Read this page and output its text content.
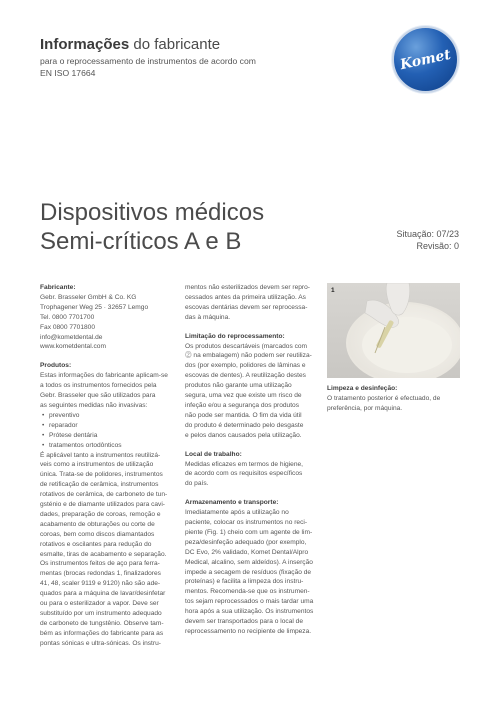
Informações do fabricante
para o reprocessamento de instrumentos de acordo com
EN ISO 17664	Komet
Dispositivos médicos
Semi-críticos A e B	Situação: 07/23
Revisão: 0

Fabricante:

Gebr. Brasseler GmbH & Co. KG

Trophagener Weg 25 · 32657 Lemgo

Tel. 0800 7701700

Fax 0800 7701800

info@kometdental.de

www.kometdental.com

Produtos:

Estas informações do fabricante aplicam-se

a todos os instrumentos fornecidos pela

Gebr. Brasseler que são utilizados para

as seguintes medidas não invasivas:

• preventivo
• reparador
• Prótese dentária
• tratamentos ortodônticos

É aplicável tanto a instrumentos reutilizá-

veis como a instrumentos de utilização

única. Trata-se de polidores, instrumentos

de retificação de cerâmica, instrumentos

rotativos de cerâmica, de carboneto de tun-

gsténio e de diamante utilizados para cavi-

dades, preparação de coroas, remoção e

acabamento de obturações ou corte de

coroas, bem como discos diamantados

rotativos e oscilantes para redução do

esmalte, tiras de acabamento e separação.

Os instrumentos feitos de aço para ferra-

mentas (brocas redondas 1, finalizadores

41, 48, scaler 9119 e 9120) não são ade-

quados para a máquina de lavar/desinfetar

ou para o esterilizador a vapor. Deve ser

substituído por um instrumento adequado

de carboneto de tungstênio. Observe tam-

bém as informações do fabricante para as

pontas sónicas e ultra-sónicas. Os instru-

mentos não esterilizados devem ser repro-

cessados antes da primeira utilização. As

escovas dentárias devem ser reprocessa-

das à máquina.

Limitação do reprocessamento:

Os produtos descartáveis (marcados com

⓶ na embalagem) não podem ser reutiliza-

dos (por exemplo, polidores de lâminas e

escovas de dentes). A reutilização destes

produtos não garante uma utilização

segura, uma vez que existe um risco de

infeção e/ou a segurança dos produtos

não pode ser mantida. O fim da vida útil

do produto é determinado pelo desgaste

e pelos danos causados pela utilização.

Local de trabalho:

Medidas eficazes em termos de higiene,

de acordo com os requisitos específicos

do país.

Armazenamento e transporte:

Imediatamente após a utilização no

paciente, colocar os instrumentos no reci-

piente (Fig. 1) cheio com um agente de lim-

peza/desinfeção adequado (por exemplo,

DC Evo, 2% validado, Komet Dental/Alpro

Medical, alcalino, sem aldeídos). A inserção

impede a secagem de resíduos (fixação de

proteínas) e facilita a limpeza dos instru-

mentos. Recomenda-se que os instrumen-

tos sejam reprocessados o mais tardar uma

hora após a sua utilização. Os instrumentos

devem ser transportados para o local de

reprocessamento no recipiente de limpeza.

1

Limpeza e desinfeção:

O tratamento posterior é efectuado, de

preferência, por máquina.
